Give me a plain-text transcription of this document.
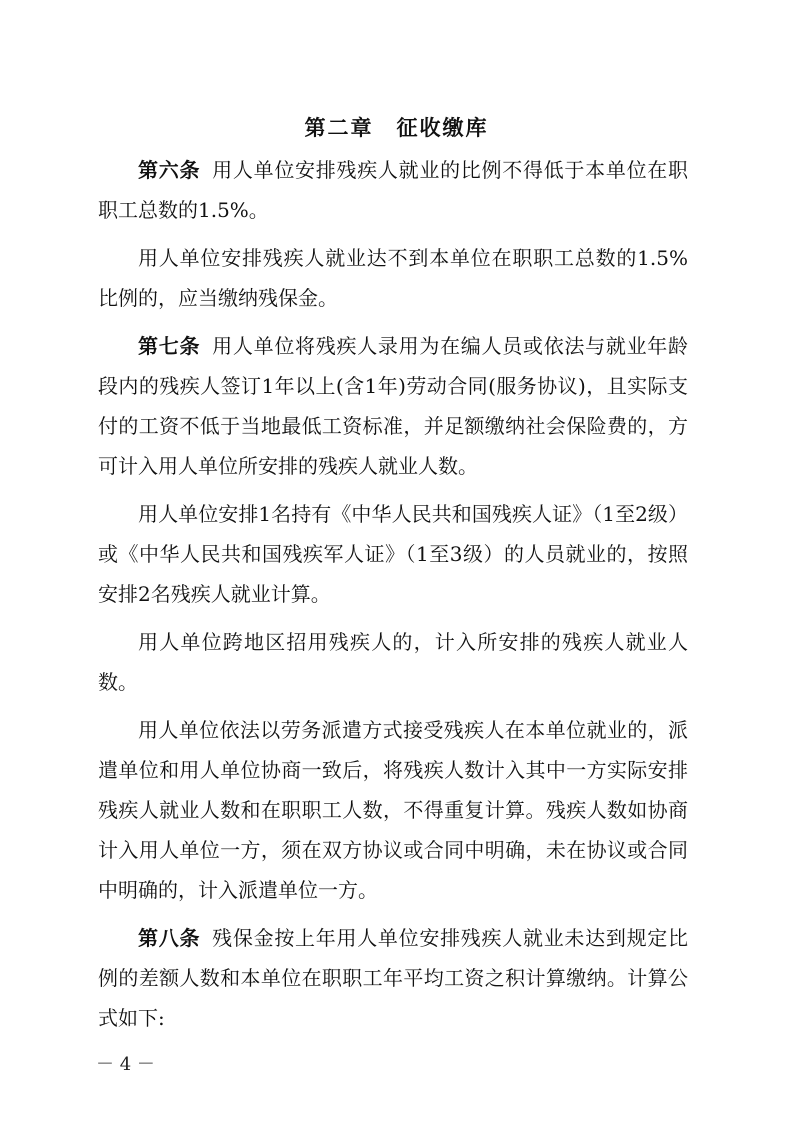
第二章　征收缴库

第六条 用人单位安排残疾人就业的比例不得低于本单位在职职工总数的1.5%。

用人单位安排残疾人就业达不到本单位在职职工总数的1.5%比例的，应当缴纳残保金。

第七条 用人单位将残疾人录用为在编人员或依法与就业年龄段内的残疾人签订1年以上(含1年)劳动合同(服务协议)，且实际支付的工资不低于当地最低工资标准，并足额缴纳社会保险费的，方可计入用人单位所安排的残疾人就业人数。

用人单位安排1名持有《中华人民共和国残疾人证》（1至2级）或《中华人民共和国残疾军人证》（1至3级）的人员就业的，按照安排2名残疾人就业计算。

用人单位跨地区招用残疾人的，计入所安排的残疾人就业人数。

用人单位依法以劳务派遣方式接受残疾人在本单位就业的，派遣单位和用人单位协商一致后，将残疾人数计入其中一方实际安排残疾人就业人数和在职职工人数，不得重复计算。残疾人数如协商计入用人单位一方，须在双方协议或合同中明确，未在协议或合同中明确的，计入派遣单位一方。

第八条 残保金按上年用人单位安排残疾人就业未达到规定比例的差额人数和本单位在职职工年平均工资之积计算缴纳。计算公式如下:

－ 4 －
